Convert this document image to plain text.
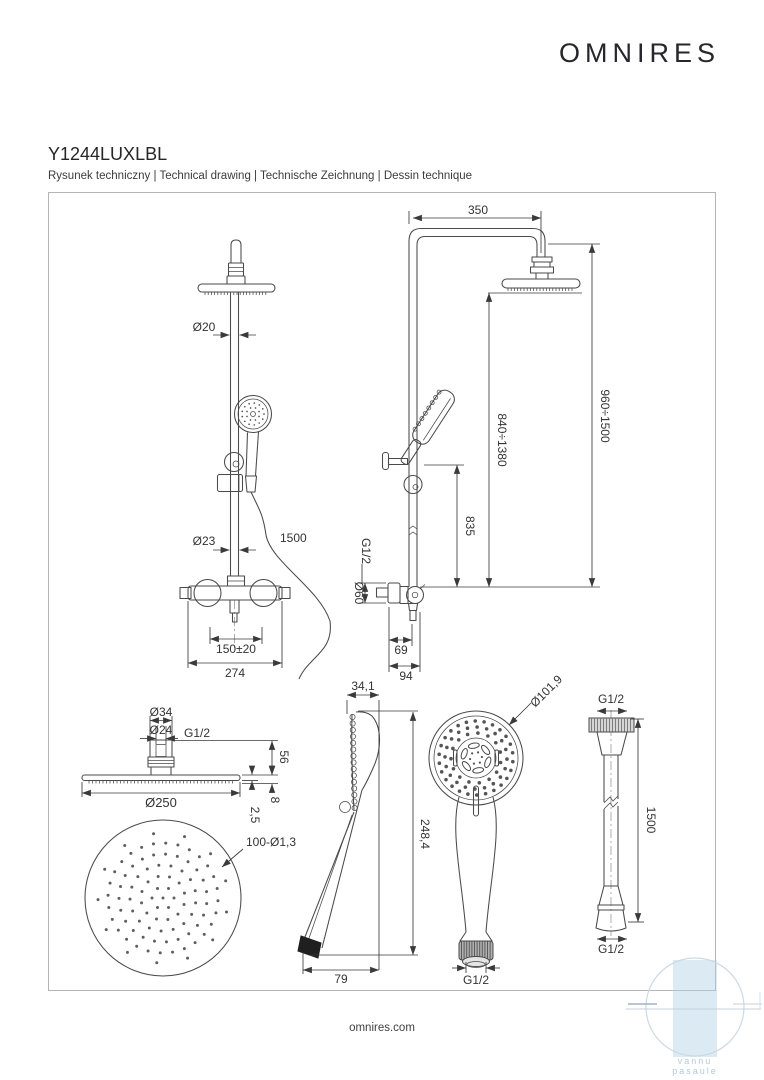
OMNIRES
Y1244LUXLBL
Rysunek techniczny | Technical drawing | Technische Zeichnung | Dessin technique
Ø20
Ø23	1500
150±20
274
350
960÷1500
840÷1380
835
G1/2
Ø60
69
94
Ø34
Ø24 G1/2
56
8
2,5
Ø250
100-Ø1,3
34,1
248,4
79
Ø101,9
G1/2
G1/2
1500
G1/2
omnires.com
vannu
pasaule
